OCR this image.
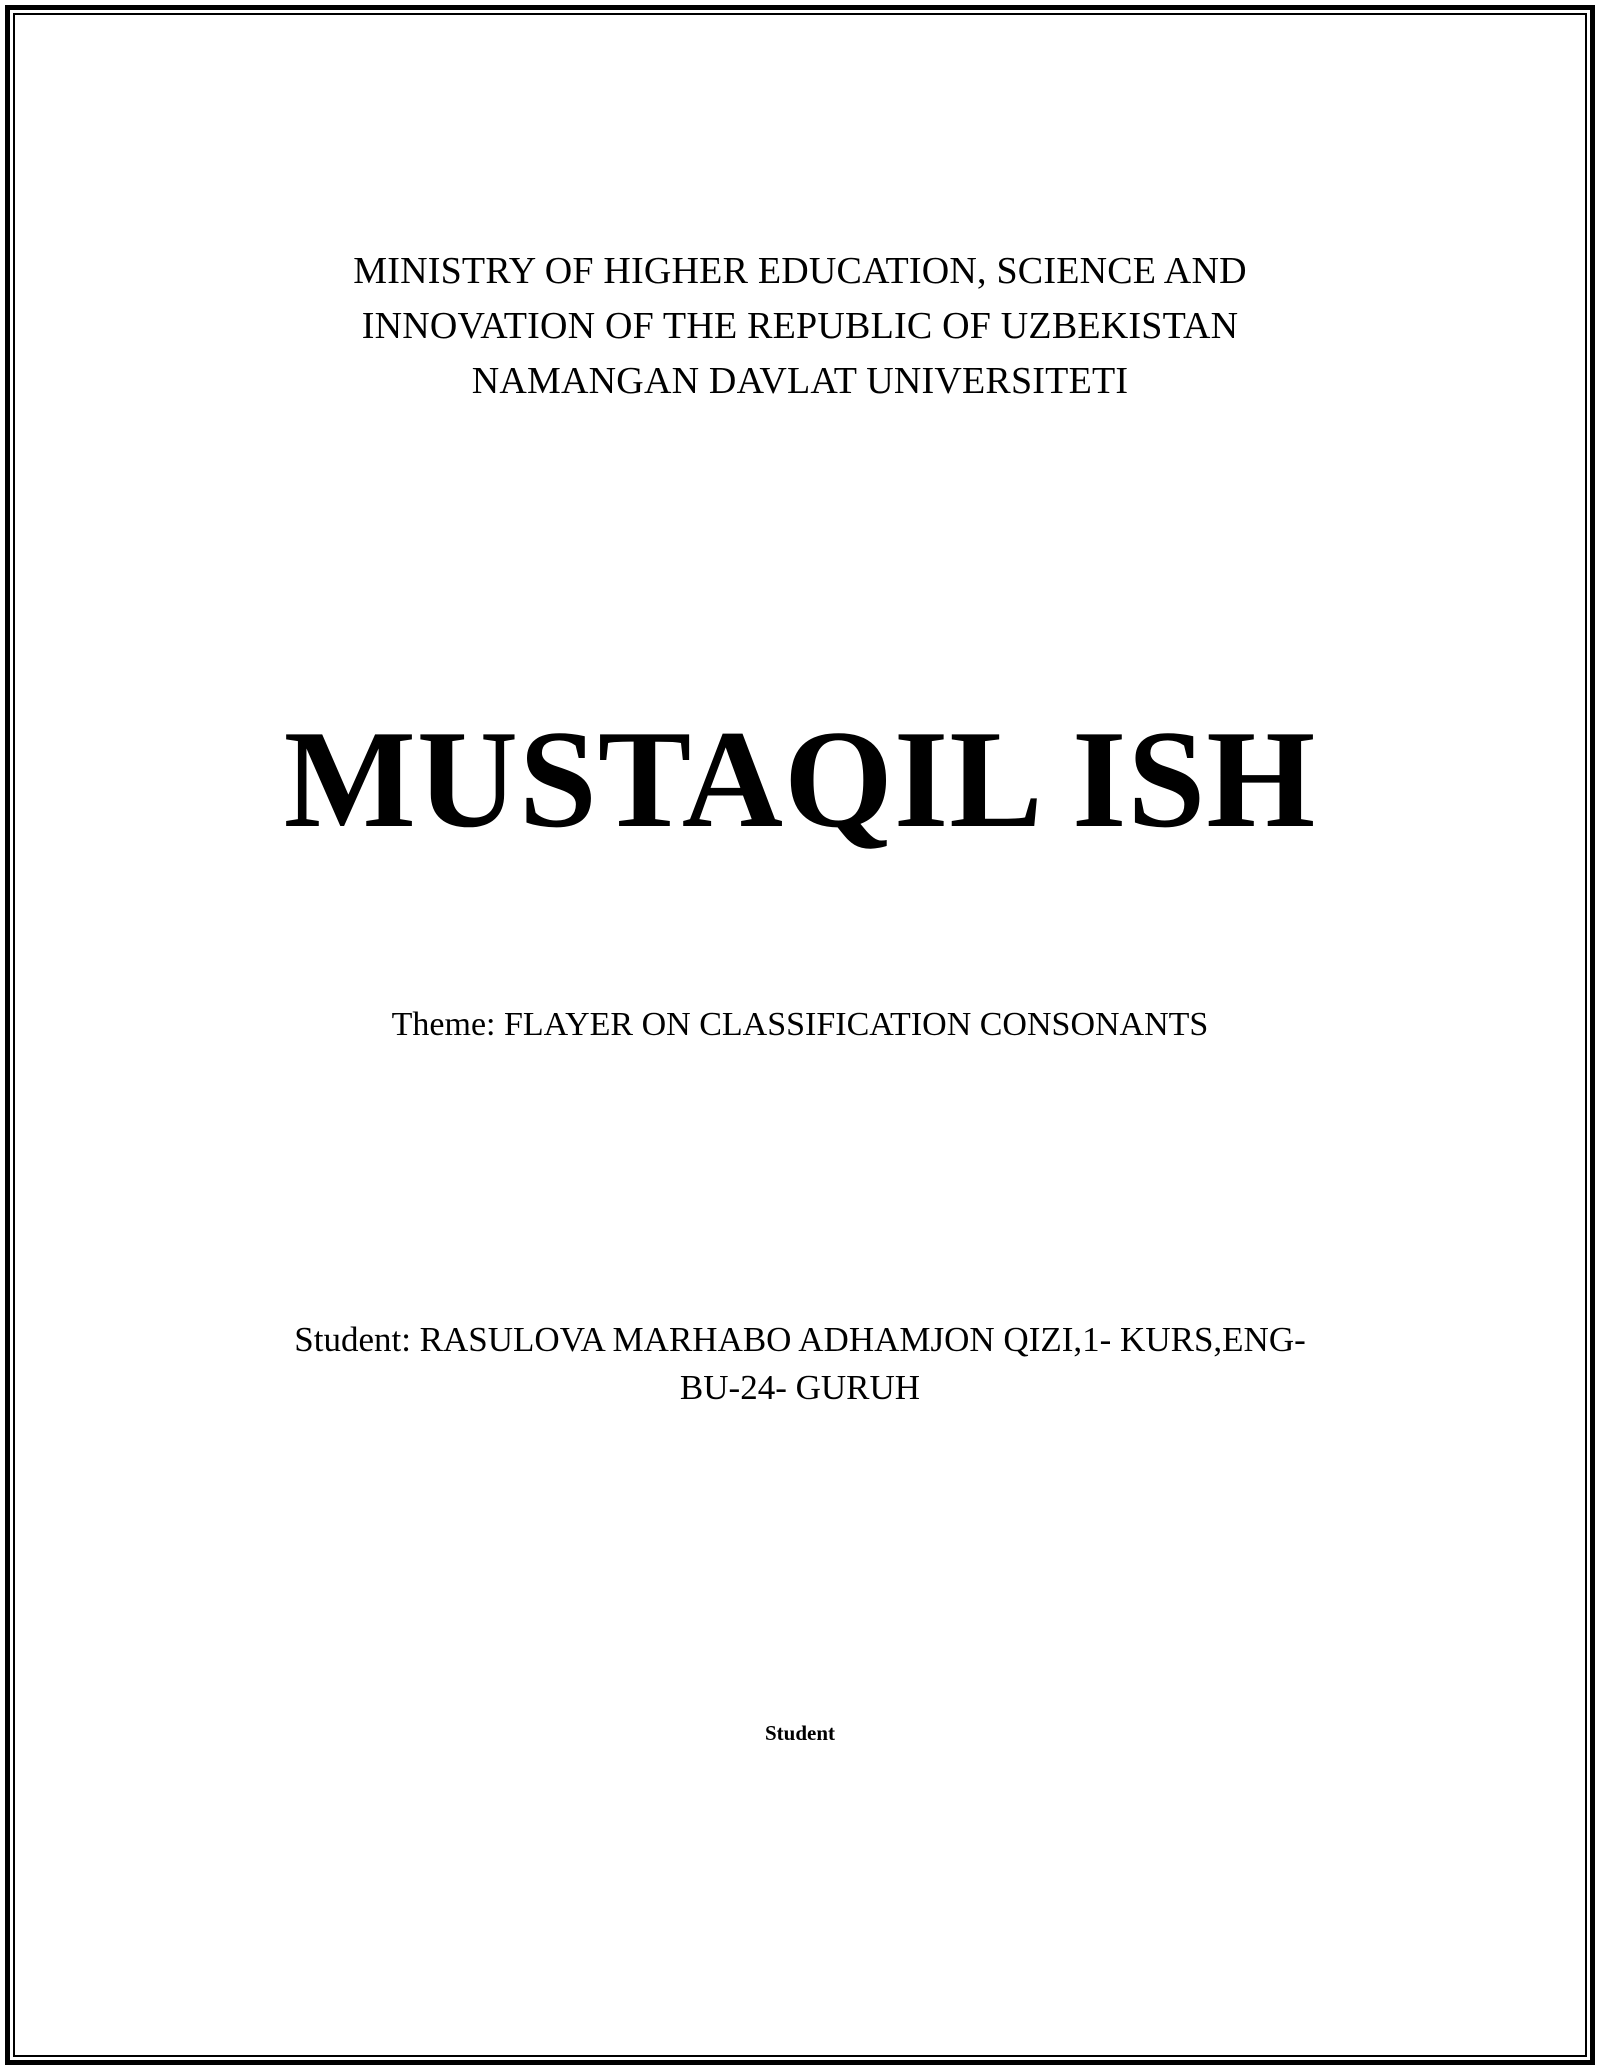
MINISTRY OF HIGHER EDUCATION, SCIENCE AND
INNOVATION OF THE REPUBLIC OF UZBEKISTAN
NAMANGAN DAVLAT UNIVERSITETI
MUSTAQIL ISH
Theme: FLAYER ON CLASSIFICATION CONSONANTS
Student: RASULOVA MARHABO ADHAMJON QIZI,1- KURS,ENG-
BU-24- GURUH
Student
